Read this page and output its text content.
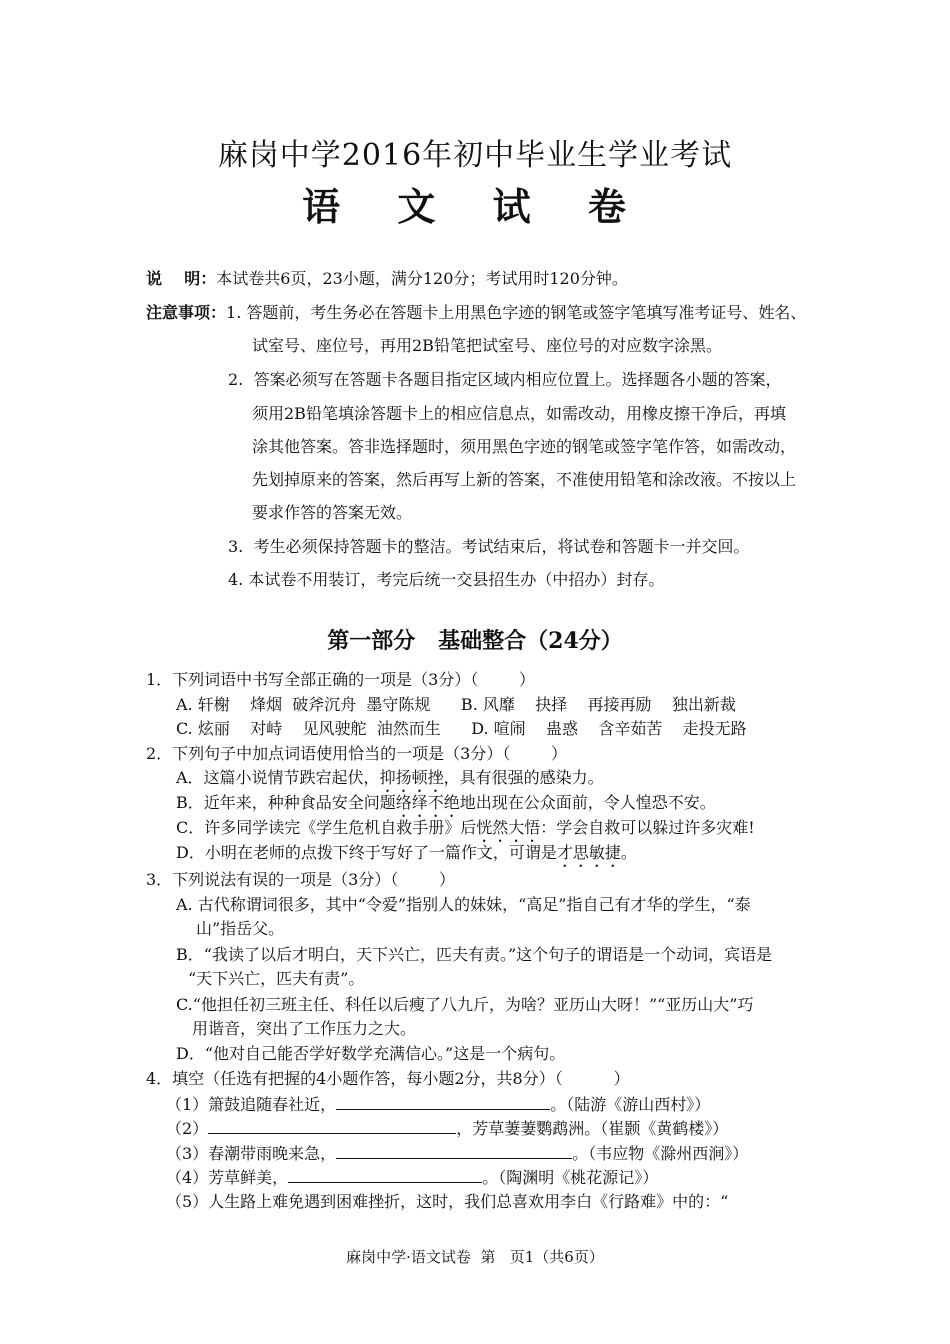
麻岗中学2016年初中毕业生学业考试
语 文 试 卷
说    明：本试卷共6页，23小题，满分120分；考试用时120分钟。
注意事项：1. 答题前，考生务必在答题卡上用黑色字迹的钢笔或签字笔填写准考证号、姓名、
试室号、座位号，再用2B铅笔把试室号、座位号的对应数字涂黑。
2.  答案必须写在答题卡各题目指定区域内相应位置上。选择题各小题的答案，
须用2B铅笔填涂答题卡上的相应信息点，如需改动，用橡皮擦干净后，再填
涂其他答案。答非选择题时，须用黑色字迹的钢笔或签字笔作答，如需改动，
先划掉原来的答案，然后再写上新的答案，不准使用铅笔和涂改液。不按以上
要求作答的答案无效。
3.  考生必须保持答题卡的整洁。考试结束后，将试卷和答题卡一并交回。
4. 本试卷不用装订，考完后统一交县招生办（中招办）封存。
第一部分   基础整合（24分）
1．下列词语中书写全部正确的一项是（3分）（        ）
A. 轩榭    烽烟  破斧沉舟  墨守陈规      B. 风靡    抉择    再接再励    独出新裁
C. 炫丽    对峙    见风驶舵  油然而生      D. 喧闹    蛊惑    含辛茹苦    走投无路
2．下列句子中加点词语使用恰当的一项是（3分）（        ）
A．这篇小说情节跌宕起伏，抑扬顿挫，具有很强的感染力。
B．近年来，种种食品安全问题络绎不绝地出现在公众面前，令人惶恐不安。
C．许多同学读完《学生危机自救手册》后恍然大悟：学会自救可以躲过许多灾难!
D．小明在老师的点拨下终于写好了一篇作文，可谓是才思敏捷。
3．下列说法有误的一项是（3分）（        ）
A. 古代称谓词很多，其中“令爱”指别人的妹妹，“高足”指自己有才华的学生，“泰
山”指岳父。
B．“我读了以后才明白，天下兴亡，匹夫有责。”这个句子的谓语是一个动词，宾语是
“天下兴亡，匹夫有责”。
C.“他担任初三班主任、科任以后瘦了八九斤，为啥？亚历山大呀！”“亚历山大”巧
用谐音，突出了工作压力之大。
D．“他对自己能否学好数学充满信心。”这是一个病句。
4．填空（任选有把握的4小题作答，每小题2分，共8分）（          ）
（1）箫鼓追随春社近，	。（陆游《游山西村》）
（2）	，芳草萋萋鹦鹉洲。（崔颢《黄鹤楼》）
（3）春潮带雨晚来急，	。（韦应物《滁州西涧》）
（4）芳草鲜美，	。（陶渊明《桃花源记》）
（5）人生路上难免遇到困难挫折，这时，我们总喜欢用李白《行路难》中的：“
麻岗中学·语文试卷  第   页1（共6页）
